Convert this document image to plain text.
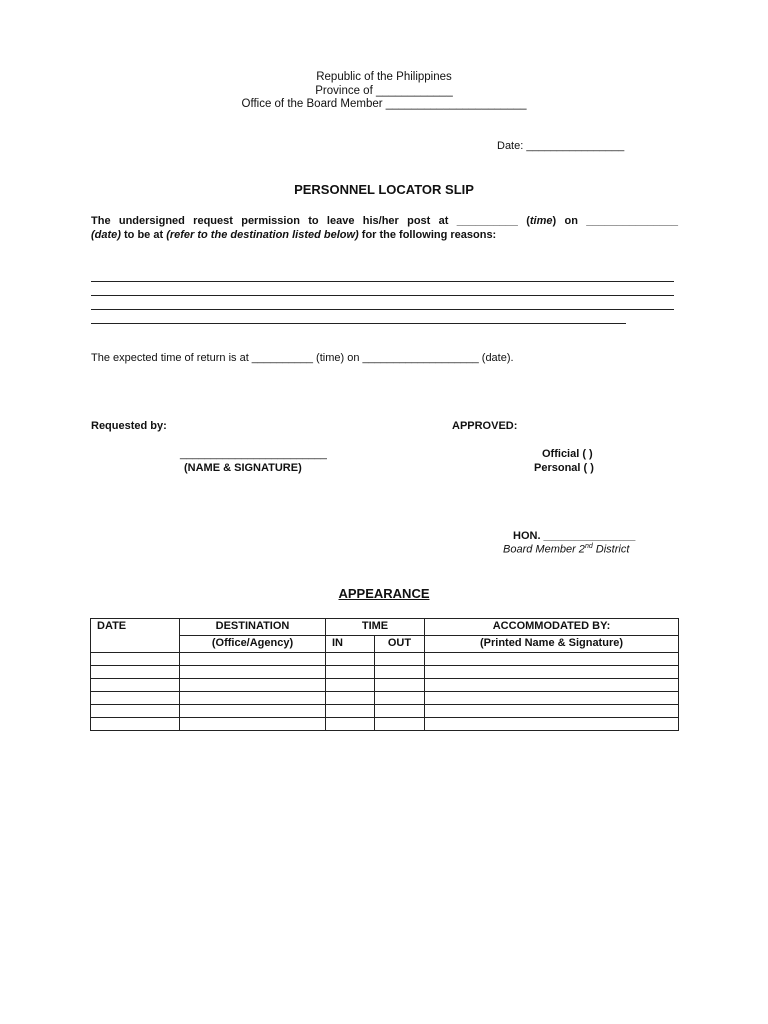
Republic of the Philippines
Province of ____________
Office of the Board Member ______________________
Date: ________________
PERSONNEL LOCATOR SLIP
The undersigned request permission to leave his/her post at __________ (time) on _______________
(date) to be at (refer to the destination listed below) for the following reasons:
The expected time of return is at __________ (time) on ___________________ (date).
Requested by:	APPROVED:
________________________
(NAME & SIGNATURE)
Official ( )
Personal ( )
HON. _______________
Board Member 2nd District
APPEARANCE
DATE	DESTINATION	TIME		ACCOMMODATED BY:
	(Office/Agency)	IN	OUT	(Printed Name & Signature)
